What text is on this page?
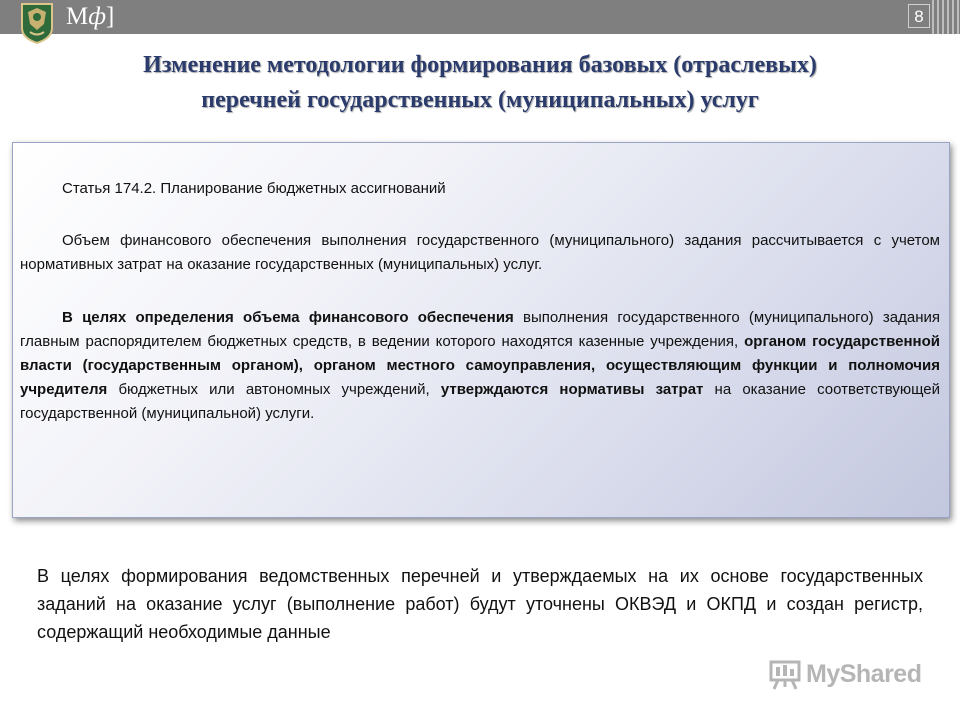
Мф]	8
Изменение методологии формирования базовых (отраслевых)
перечней государственных (муниципальных) услуг
Статья 174.2. Планирование бюджетных ассигнований
Объем финансового обеспечения выполнения государственного (муниципального) задания рассчитывается с учетом нормативных затрат на оказание государственных (муниципальных) услуг.
В целях определения объема финансового обеспечения выполнения государственного (муниципального) задания главным распорядителем бюджетных средств, в ведении которого находятся казенные учреждения, органом государственной власти (государственным органом), органом местного самоуправления, осуществляющим функции и полномочия учредителя бюджетных или автономных учреждений, утверждаются нормативы затрат на оказание соответствующей государственной (муниципальной) услуги.
В целях формирования ведомственных перечней и утверждаемых на их основе государственных заданий на оказание услуг (выполнение работ) будут уточнены ОКВЭД и ОКПД и создан регистр, содержащий необходимые данные
MyShared
